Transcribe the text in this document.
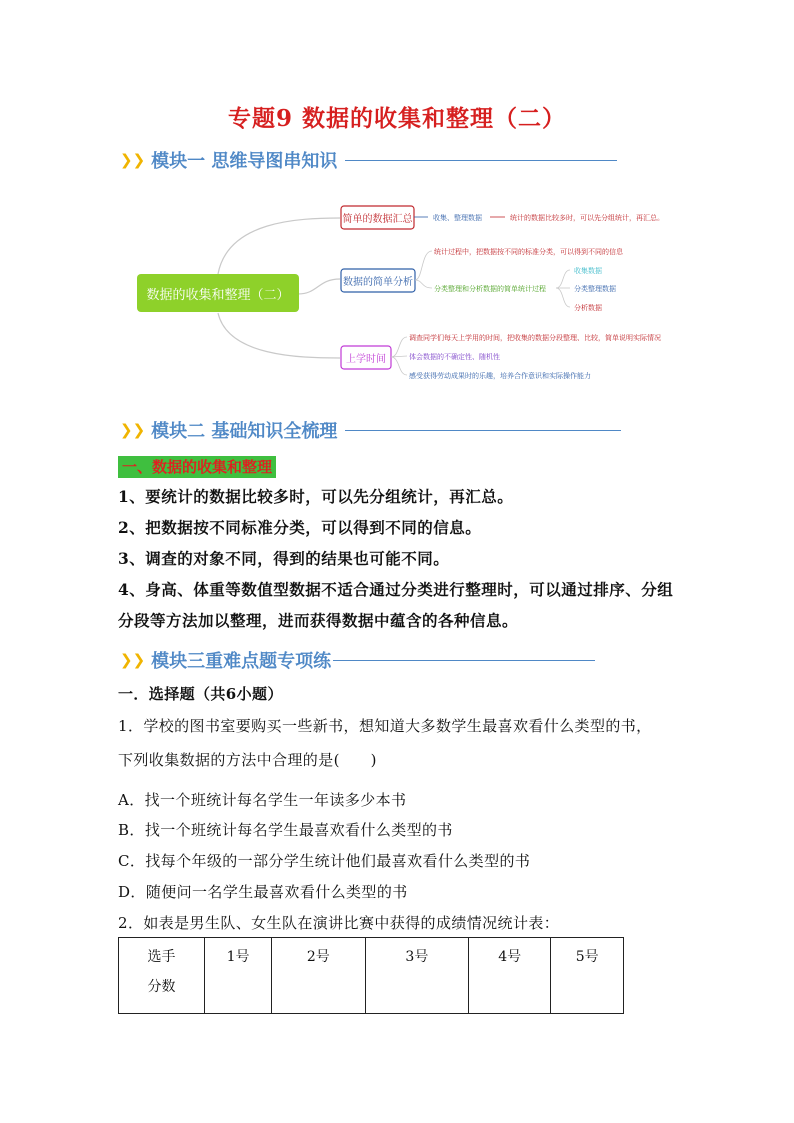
专题9 数据的收集和整理（二）
❯❯ 模块一 思维导图串知识
数据的收集和整理（二）
简单的数据汇总	收集、整理数据	统计的数据比较多时，可以先分组统计，再汇总。
数据的简单分析
统计过程中，把数据按不同的标准分类，可以得到不同的信息
分类整理和分析数据的简单统计过程
收集数据
分类整理数据
分析数据
上学时间
调查同学们每天上学用的时间，把收集的数据分段整理、比较，简单说明实际情况
体会数据的不确定性、随机性
感受获得劳动成果时的乐趣，培养合作意识和实际操作能力
❯❯ 模块二 基础知识全梳理
一、数据的收集和整理
1、要统计的数据比较多时，可以先分组统计，再汇总。
2、把数据按不同标准分类，可以得到不同的信息。
3、调查的对象不同，得到的结果也可能不同。
4、身高、体重等数值型数据不适合通过分类进行整理时，可以通过排序、分组
分段等方法加以整理，进而获得数据中蕴含的各种信息。
❯❯ 模块三重难点题专项练
一．选择题（共6小题）
1．学校的图书室要购买一些新书，想知道大多数学生最喜欢看什么类型的书，
下列收集数据的方法中合理的是(　　)
A．找一个班统计每名学生一年读多少本书
B．找一个班统计每名学生最喜欢看什么类型的书
C．找每个年级的一部分学生统计他们最喜欢看什么类型的书
D．随便问一名学生最喜欢看什么类型的书
2．如表是男生队、女生队在演讲比赛中获得的成绩情况统计表：
选手
分数
	1号	2号	3号	4号	5号
